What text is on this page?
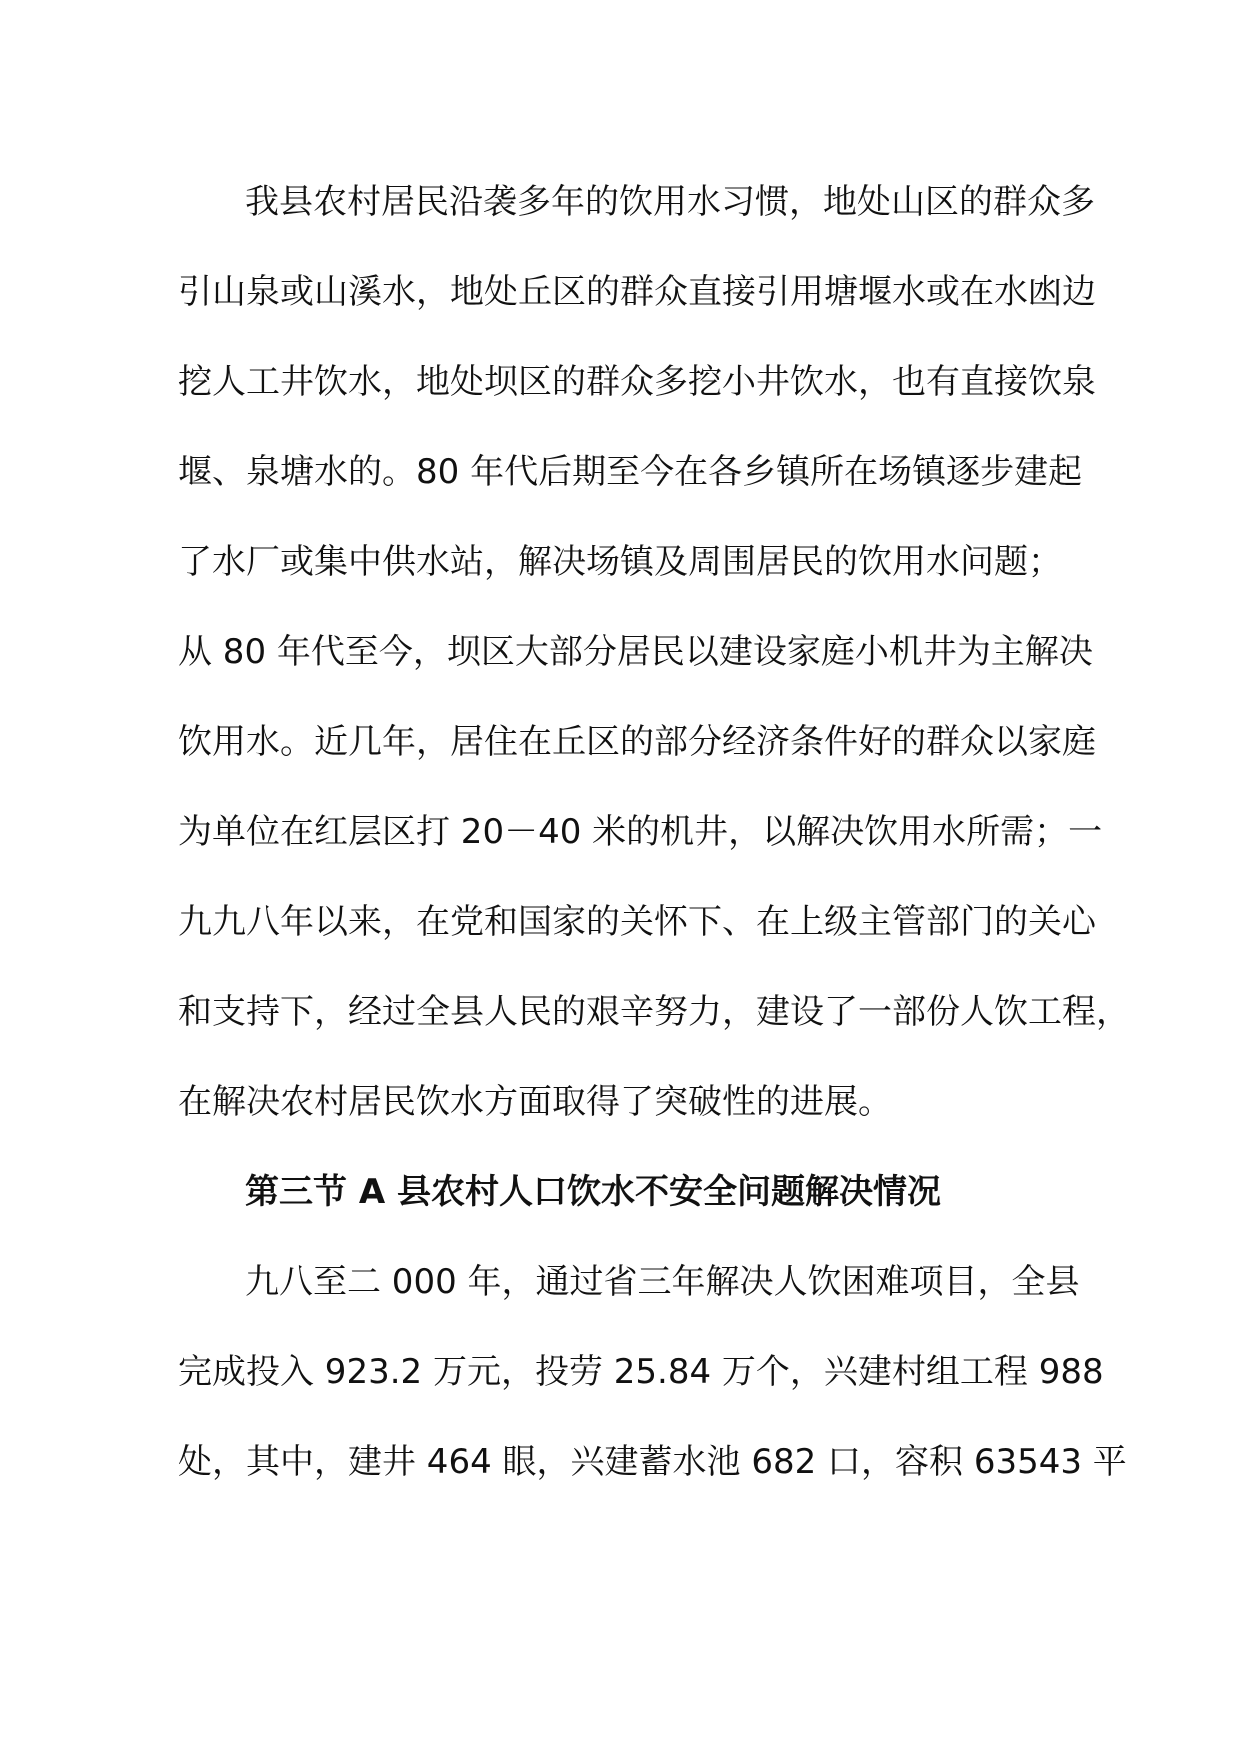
我县农村居民沿袭多年的饮用水习惯，地处山区的群众多
引山泉或山溪水，地处丘区的群众直接引用塘堰水或在水凼边
挖人工井饮水，地处坝区的群众多挖小井饮水，也有直接饮泉
堰、泉塘水的。80 年代后期至今在各乡镇所在场镇逐步建起
了水厂或集中供水站，解决场镇及周围居民的饮用水问题；
从 80 年代至今，坝区大部分居民以建设家庭小机井为主解决
饮用水。近几年，居住在丘区的部分经济条件好的群众以家庭
为单位在红层区打 20－40 米的机井，以解决饮用水所需；一
九九八年以来，在党和国家的关怀下、在上级主管部门的关心
和支持下，经过全县人民的艰辛努力，建设了一部份人饮工程，
在解决农村居民饮水方面取得了突破性的进展。
第三节 A 县农村人口饮水不安全问题解决情况
九八至二 000 年，通过省三年解决人饮困难项目，全县
完成投入 923.2 万元，投劳 25.84 万个，兴建村组工程 988
处，其中，建井 464 眼，兴建蓄水池 682 口，容积 63543 平
